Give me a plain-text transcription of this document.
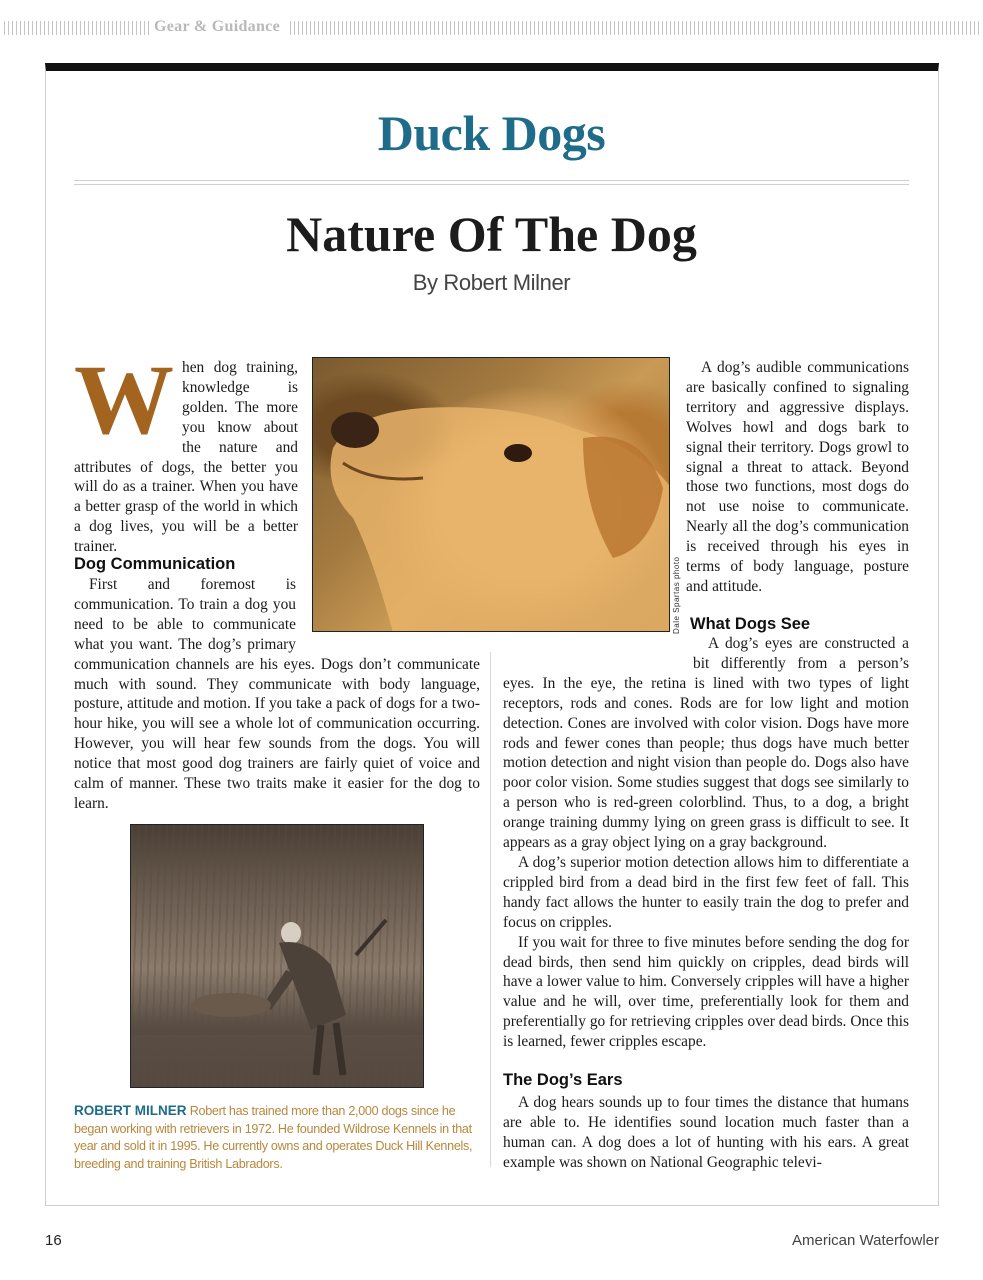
Gear & Guidance
Duck Dogs
Nature Of The Dog
By Robert Milner

When dog training, knowledge is golden. The more you know about the nature and attributes of dogs, the better you will do as a trainer. When you have a better grasp of the world in which a dog lives, you will be a better trainer.

Dog Communication

First and foremost is communication. To train a dog you need to be able to communicate what you want. The dog’s primary communication channels are his eyes. Dogs don’t communicate much with sound. They communicate with body language, posture, attitude and motion. If you take a pack of dogs for a two-hour hike, you will see a whole lot of communication occurring. However, you will hear few sounds from the dogs. You will notice that most good dog trainers are fairly quiet of voice and calm of manner. These two traits make it easier for the dog to learn.

Dale Spartas photo

A dog’s audible communications are basically confined to signaling territory and aggressive displays. Wolves howl and dogs bark to signal their territory. Dogs growl to signal a threat to attack. Beyond those two functions, most dogs do not use noise to communicate. Nearly all the dog’s communication is received through his eyes in terms of body language, posture and attitude.

What Dogs See

A dog’s eyes are constructed a bit differently from a person’s eyes. In the eye, the retina is lined with two types of light receptors, rods and cones. Rods are for low light and motion detection. Cones are involved with color vision. Dogs have more rods and fewer cones than people; thus dogs have much better motion detection and night vision than people do. Dogs also have poor color vision. Some studies suggest that dogs see similarly to a person who is red-green colorblind. Thus, to a dog, a bright orange training dummy lying on green grass is difficult to see. It appears as a gray object lying on a gray background.

A dog’s superior motion detection allows him to differentiate a crippled bird from a dead bird in the first few feet of fall. This handy fact allows the hunter to easily train the dog to prefer and focus on cripples.

If you wait for three to five minutes before sending the dog for dead birds, then send him quickly on cripples, dead birds will have a lower value to him. Conversely cripples will have a higher value and he will, over time, preferentially look for them and preferentially go for retrieving cripples over dead birds. Once this is learned, fewer cripples escape.

The Dog’s Ears

A dog hears sounds up to four times the distance that humans are able to. He identifies sound location much faster than a human can. A dog does a lot of hunting with his ears. A great example was shown on National Geographic televi-

ROBERT MILNER Robert has trained more than 2,000 dogs since he began working with retrievers in 1972. He founded Wildrose Kennels in that year and sold it in 1995. He currently owns and operates Duck Hill Kennels, breeding and training British Labradors.
16	American Waterfowler
